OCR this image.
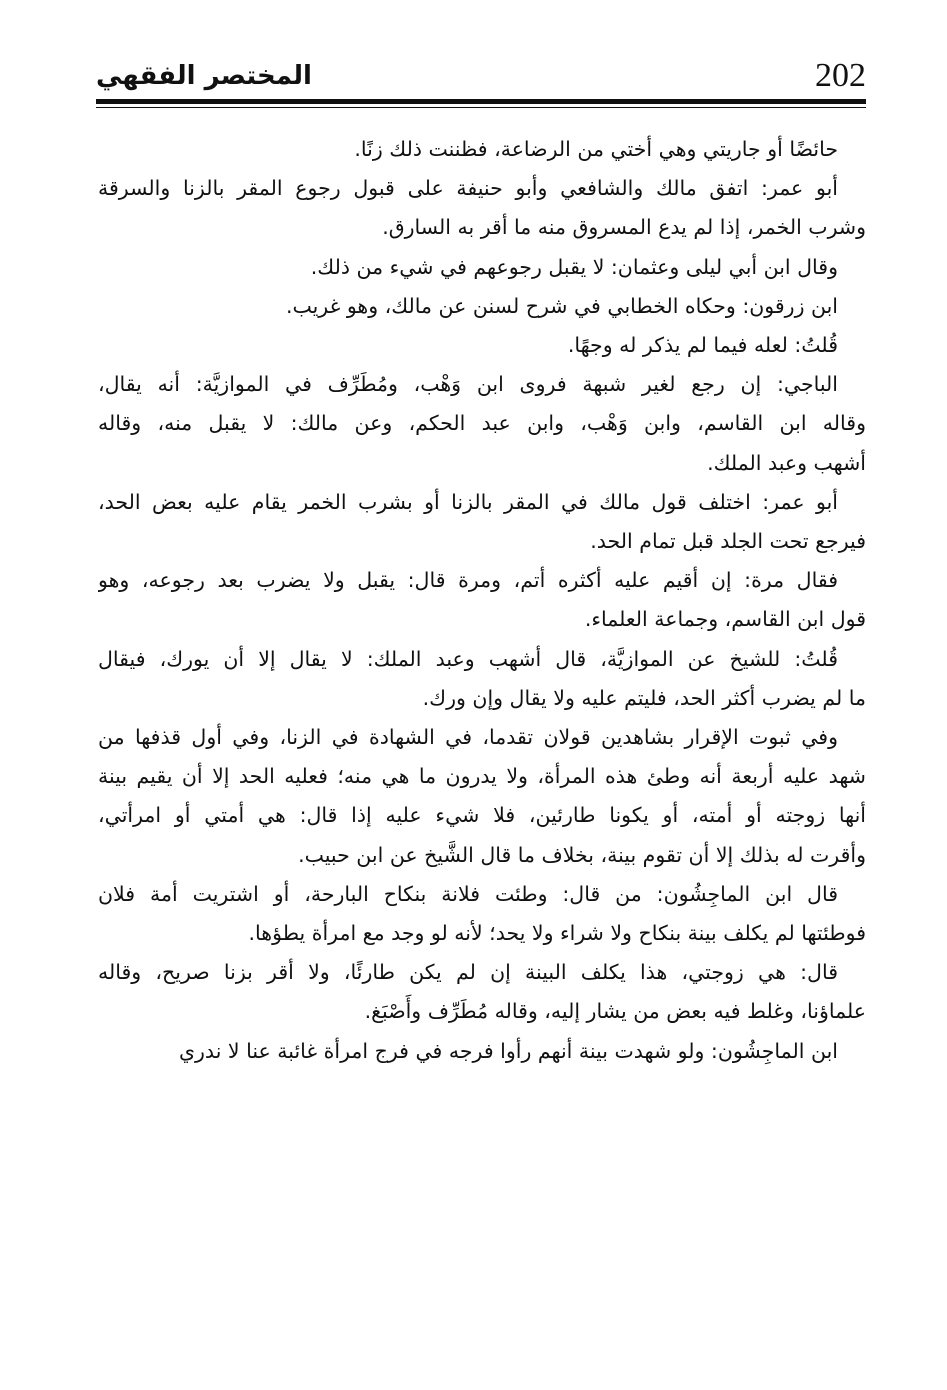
202
المختصر الفقهي
حائضًا أو جاريتي وهي أختي من الرضاعة، فظننت ذلك زنًا.
أبو عمر: اتفق مالك والشافعي وأبو حنيفة على قبول رجوع المقر بالزنا والسرقة
وشرب الخمر، إذا لم يدع المسروق منه ما أقر به السارق.
وقال ابن أبي ليلى وعثمان: لا يقبل رجوعهم في شيء من ذلك.
ابن زرقون: وحكاه الخطابي في شرح لسنن عن مالك، وهو غريب.
قُلتُ: لعله فيما لم يذكر له وجهًا.
الباجي: إن رجع لغير شبهة فروى ابن وَهْب، ومُطَرِّف في الموازيَّة: أنه يقال،
وقاله ابن القاسم، وابن وَهْب، وابن عبد الحكم، وعن مالك: لا يقبل منه، وقاله
أشهب وعبد الملك.
أبو عمر: اختلف قول مالك في المقر بالزنا أو بشرب الخمر يقام عليه بعض الحد،
فيرجع تحت الجلد قبل تمام الحد.
فقال مرة: إن أقيم عليه أكثره أتم، ومرة قال: يقبل ولا يضرب بعد رجوعه، وهو
قول ابن القاسم، وجماعة العلماء.
قُلتُ: للشيخ عن الموازيَّة، قال أشهب وعبد الملك: لا يقال إلا أن يورك، فيقال
ما لم يضرب أكثر الحد، فليتم عليه ولا يقال وإن ورك.
وفي ثبوت الإقرار بشاهدين قولان تقدما، في الشهادة في الزنا، وفي أول قذفها من
شهد عليه أربعة أنه وطئ هذه المرأة، ولا يدرون ما هي منه؛ فعليه الحد إلا أن يقيم بينة
أنها زوجته أو أمته، أو يكونا طارئين، فلا شيء عليه إذا قال: هي أمتي أو امرأتي،
وأقرت له بذلك إلا أن تقوم بينة، بخلاف ما قال الشَّيخ عن ابن حبيب.
قال ابن الماجِشُون: من قال: وطئت فلانة بنكاح البارحة، أو اشتريت أمة فلان
فوطئتها لم يكلف بينة بنكاح ولا شراء ولا يحد؛ لأنه لو وجد مع امرأة يطؤها.
قال: هي زوجتي، هذا يكلف البينة إن لم يكن طارئًا، ولا أقر بزنا صريح، وقاله
علماؤنا، وغلط فيه بعض من يشار إليه، وقاله مُطَرِّف وأَصْبَغ.
ابن الماجِشُون: ولو شهدت بينة أنهم رأوا فرجه في فرج امرأة غائبة عنا لا ندري
